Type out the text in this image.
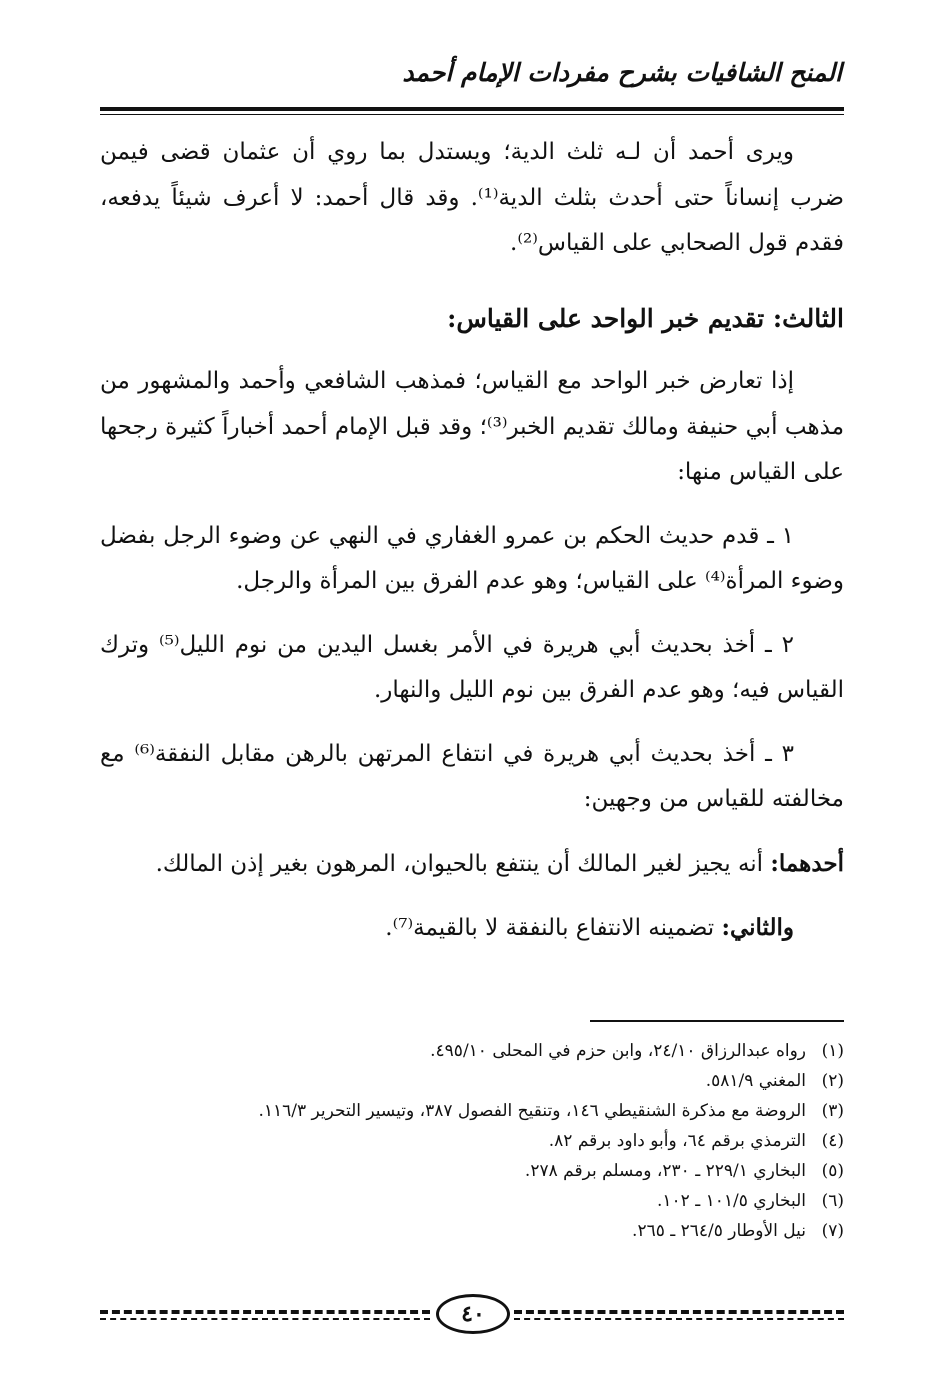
المنح الشافيات بشرح مفردات الإمام أحمد

ويرى أحمد أن لـه ثلث الدية؛ ويستدل بما روي أن عثمان قضى فيمن ضرب إنساناً حتى أحدث بثلث الدية⁽¹⁾. وقد قال أحمد: لا أعرف شيئاً يدفعه، فقدم قول الصحابي على القياس⁽²⁾.

الثالث: تقديم خبر الواحد على القياس:

إذا تعارض خبر الواحد مع القياس؛ فمذهب الشافعي وأحمد والمشهور من مذهب أبي حنيفة ومالك تقديم الخبر⁽³⁾؛ وقد قبل الإمام أحمد أخباراً كثيرة رجحها على القياس منها:

١ ـ قدم حديث الحكم بن عمرو الغفاري في النهي عن وضوء الرجل بفضل وضوء المرأة⁽⁴⁾ على القياس؛ وهو عدم الفرق بين المرأة والرجل.

٢ ـ أخذ بحديث أبي هريرة في الأمر بغسل اليدين من نوم الليل⁽⁵⁾ وترك القياس فيه؛ وهو عدم الفرق بين نوم الليل والنهار.

٣ ـ أخذ بحديث أبي هريرة في انتفاع المرتهن بالرهن مقابل النفقة⁽⁶⁾ مع مخالفته للقياس من وجهين:

أحدهما: أنه يجيز لغير المالك أن ينتفع بالحيوان، المرهون بغير إذن المالك.

والثاني: تضمينه الانتفاع بالنفقة لا بالقيمة⁽⁷⁾.

(١)رواه عبدالرزاق ٢٤/١٠، وابن حزم في المحلى ٤٩٥/١٠.
(٢)المغني ٥٨١/٩.
(٣)الروضة مع مذكرة الشنقيطي ١٤٦، وتنقيح الفصول ٣٨٧، وتيسير التحرير ١١٦/٣.
(٤)الترمذي برقم ٦٤، وأبو داود برقم ٨٢.
(٥)البخاري ٢٢٩/١ ـ ٢٣٠، ومسلم برقم ٢٧٨.
(٦)البخاري ١٠١/٥ ـ ١٠٢.
(٧)نيل الأوطار ٢٦٤/٥ ـ ٢٦٥.
٤٠
